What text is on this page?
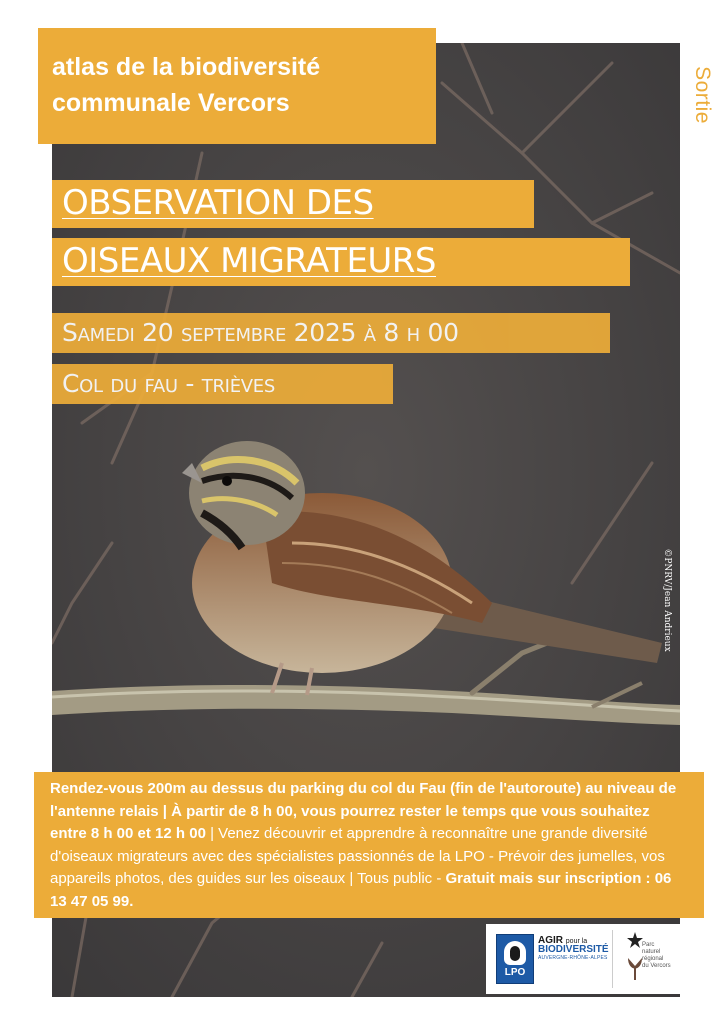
atlas de la biodiversité
communale Vercors	Sortie
OBSERVATION DES
OISEAUX MIGRATEURS
Samedi 20 septembre 2025 à 8 h 00
Col du fau - trièves
©PNRV/Jean Andrieux

Rendez-vous 200m au dessus du parking du col du Fau (fin de l'autoroute) au niveau de l'antenne relais | À partir de 8 h 00, vous pourrez rester le temps que vous souhaitez entre 8 h 00 et 12 h 00 | Venez découvrir et apprendre à reconnaître une grande diversité d'oiseaux migrateurs avec des spécialistes passionnés de la LPO - Prévoir des jumelles, vos appareils photos, des guides sur les oiseaux | Tous public - Gratuit mais sur inscription : 06 13 47 05 99.

LPO
AGIR pour la
BIODIVERSITÉ
AUVERGNE-RHÔNE-ALPES
Parc
naturel
régional
du Vercors
